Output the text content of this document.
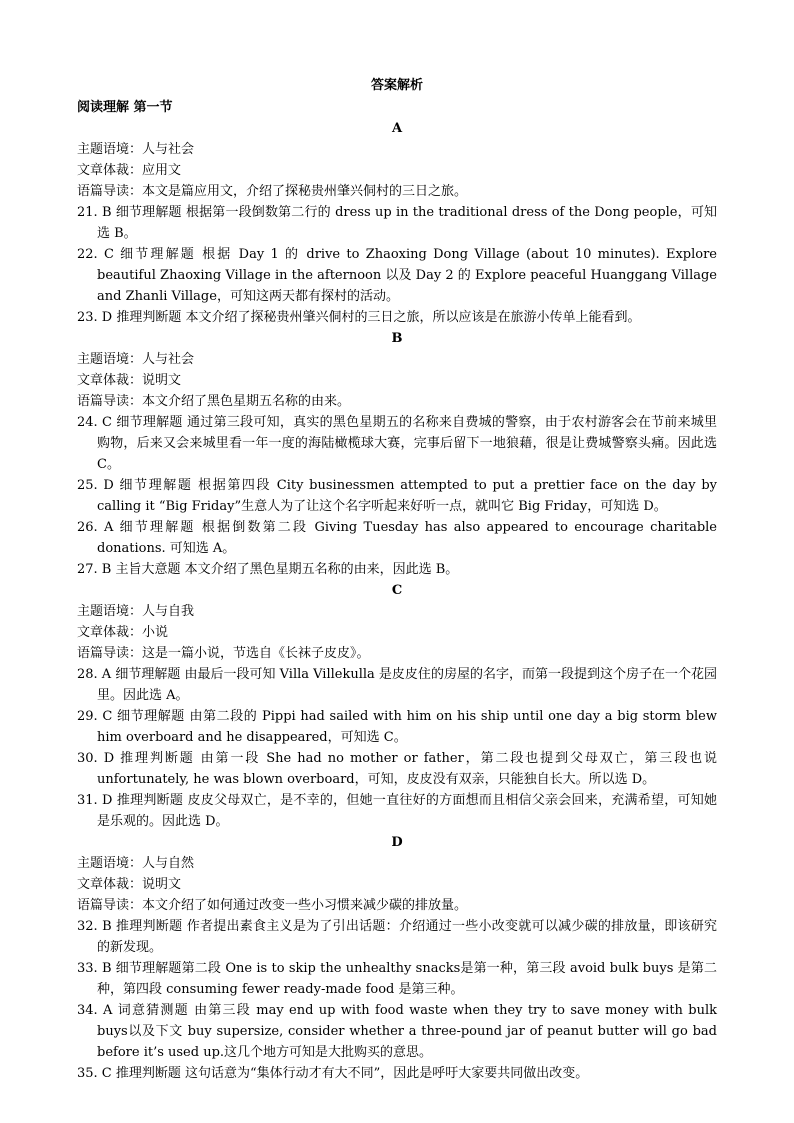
答案解析
阅读理解 第一节
A
主题语境：人与社会
文章体裁：应用文
语篇导读：本文是篇应用文，介绍了探秘贵州肇兴侗村的三日之旅。
21. B 细节理解题 根据第一段倒数第二行的 dress up in the traditional dress of the Dong people，可知选 B。
22. C 细节理解题 根据 Day 1 的 drive to Zhaoxing Dong Village (about 10 minutes). Explore beautiful Zhaoxing Village in the afternoon 以及 Day 2 的 Explore peaceful Huanggang Village and Zhanli Village，可知这两天都有探村的活动。
23. D 推理判断题 本文介绍了探秘贵州肇兴侗村的三日之旅，所以应该是在旅游小传单上能看到。
B
主题语境：人与社会
文章体裁：说明文
语篇导读：本文介绍了黑色星期五名称的由来。
24. C 细节理解题 通过第三段可知，真实的黑色星期五的名称来自费城的警察，由于农村游客会在节前来城里购物，后来又会来城里看一年一度的海陆橄榄球大赛，完事后留下一地狼藉，很是让费城警察头痛。因此选 C。
25. D 细节理解题 根据第四段 City businessmen attempted to put a prettier face on the day by calling it “Big Friday”生意人为了让这个名字听起来好听一点，就叫它 Big Friday，可知选 D。
26. A 细节理解题 根据倒数第二段 Giving Tuesday has also appeared to encourage charitable donations. 可知选 A。
27. B 主旨大意题 本文介绍了黑色星期五名称的由来，因此选 B。
C
主题语境：人与自我
文章体裁：小说
语篇导读：这是一篇小说，节选自《长袜子皮皮》。
28. A 细节理解题 由最后一段可知 Villa Villekulla 是皮皮住的房屋的名字，而第一段提到这个房子在一个花园里。因此选 A。
29. C 细节理解题 由第二段的 Pippi had sailed with him on his ship until one day a big storm blew him overboard and he disappeared，可知选 C。
30. D 推理判断题 由第一段 She had no mother or father，第二段也提到父母双亡，第三段也说 unfortunately, he was blown overboard，可知，皮皮没有双亲，只能独自长大。所以选 D。
31. D 推理判断题 皮皮父母双亡，是不幸的，但她一直往好的方面想而且相信父亲会回来，充满希望，可知她是乐观的。因此选 D。
D
主题语境：人与自然
文章体裁：说明文
语篇导读：本文介绍了如何通过改变一些小习惯来减少碳的排放量。
32. B 推理判断题 作者提出素食主义是为了引出话题：介绍通过一些小改变就可以减少碳的排放量，即该研究的新发现。
33. B 细节理解题第二段 One is to skip the unhealthy snacks是第一种，第三段 avoid bulk buys 是第二种，第四段 consuming fewer ready-made food 是第三种。
34. A 词意猜测题 由第三段 may end up with food waste when they try to save money with bulk buys以及下文 buy supersize, consider whether a three-pound jar of peanut butter will go bad before it’s used up.这几个地方可知是大批购买的意思。
35. C 推理判断题 这句话意为“集体行动才有大不同”，因此是呼吁大家要共同做出改变。
